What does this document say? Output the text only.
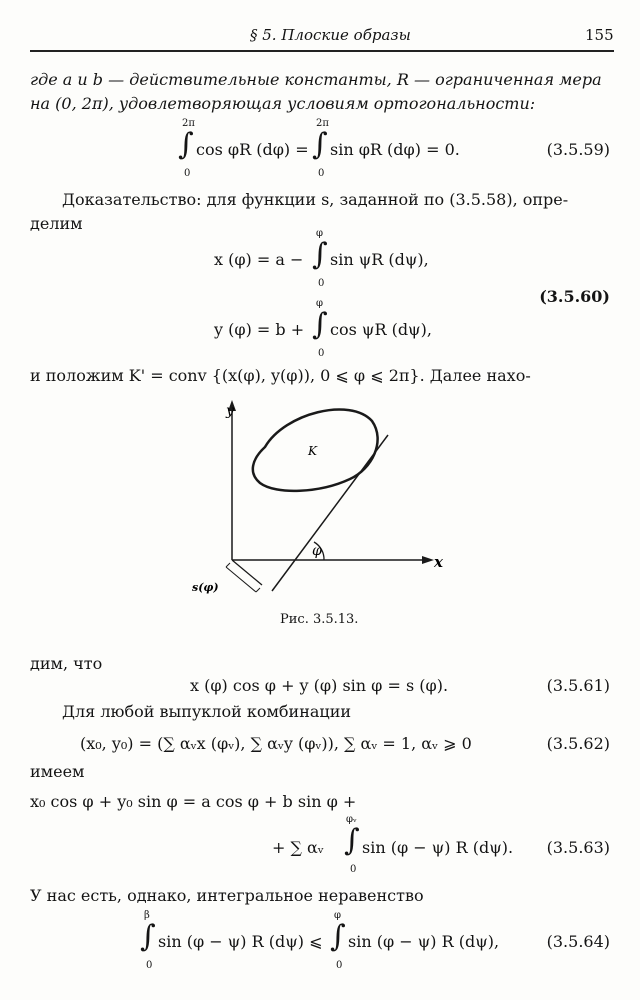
§ 5. Плоские образы	155
где a и b — действительные константы, R — ограниченная мера
на (0, 2π), удовлетворяющая условиям ортогональности:
2π
∫
0
cos φR (dφ) =
2π
∫
0
sin φR (dφ) = 0.	(3.5.59)
Доказательство: для функции s, заданной по (3.5.58), опре-
делим
x (φ) = a −
φ
∫
0
sin ψR (dψ),
y (φ) = b +
φ
∫
0
cos ψR (dψ),
(3.5.60)
и положим K' = conv {(x(φ), y(φ)), 0 ⩽ φ ⩽ 2π}. Далее нахо-
y
x
K
φ
s(φ)
Рис. 3.5.13.
дим, что
x (φ) cos φ + y (φ) sin φ = s (φ).	(3.5.61)
Для любой выпуклой комбинации
(x₀, y₀) = (∑ αᵥx (φᵥ), ∑ αᵥy (φᵥ)), ∑ αᵥ = 1, αᵥ ⩾ 0	(3.5.62)
имеем
x₀ cos φ + y₀ sin φ = a cos φ + b sin φ +
+ ∑ αᵥ
φᵥ
∫
0
sin (φ − ψ) R (dψ). (3.5.63)
У нас есть, однако, интегральное неравенство
β
∫
0
sin (φ − ψ) R (dψ) ⩽
φ
∫
0
sin (φ − ψ) R (dψ),	(3.5.64)
